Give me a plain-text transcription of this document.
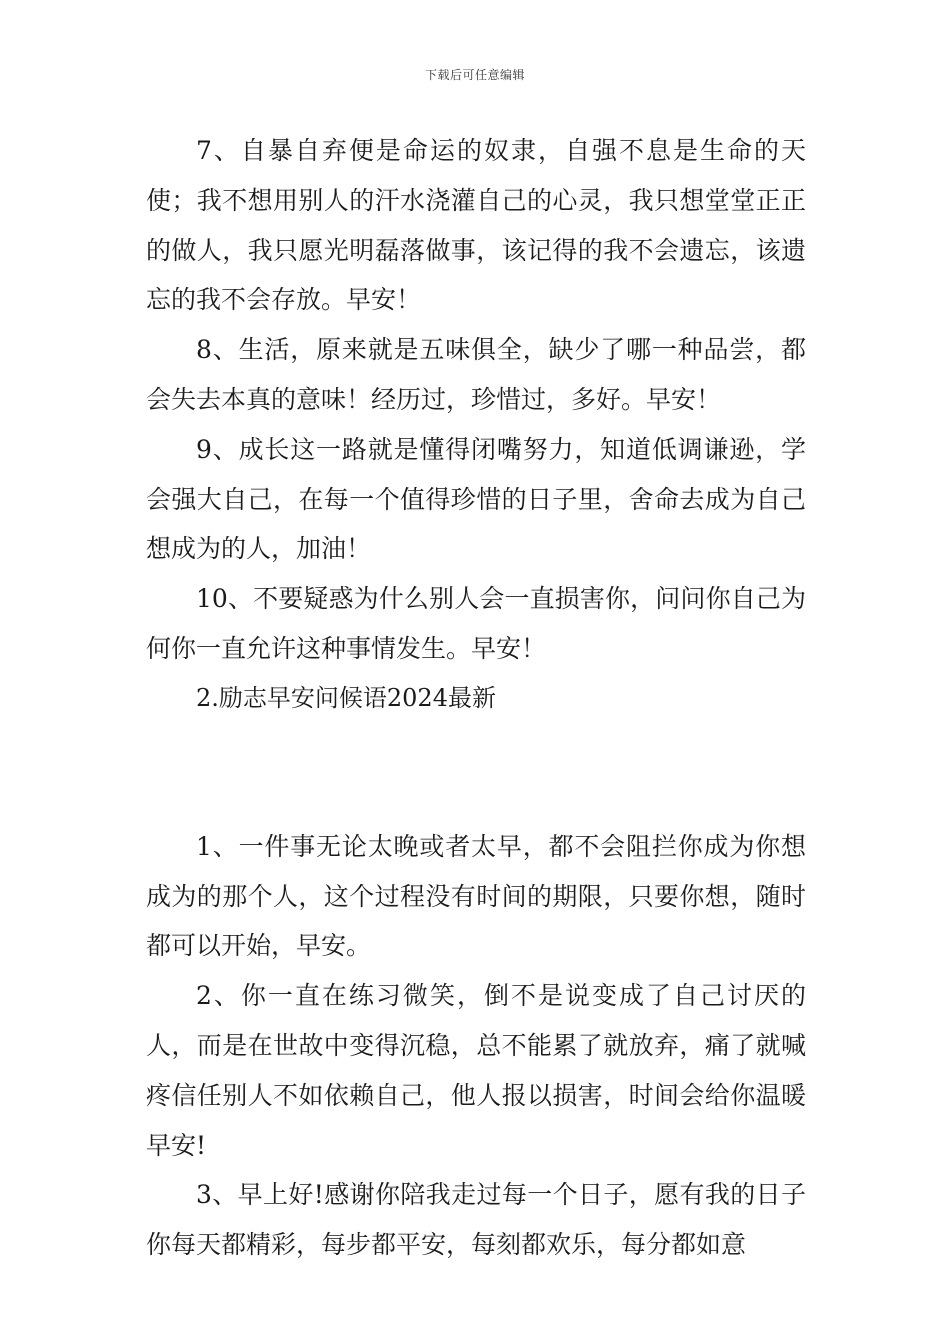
下载后可任意编辑

7、自暴自弃便是命运的奴隶，自强不息是生命的天使；我不想用别人的汗水浇灌自己的心灵，我只想堂堂正正的做人，我只愿光明磊落做事，该记得的我不会遗忘，该遗忘的我不会存放。早安！

8、生活，原来就是五味俱全，缺少了哪一种品尝，都会失去本真的意味！经历过，珍惜过，多好。早安！

9、成长这一路就是懂得闭嘴努力，知道低调谦逊，学会强大自己，在每一个值得珍惜的日子里，舍命去成为自己想成为的人，加油！

10、不要疑惑为什么别人会一直损害你，问问你自己为何你一直允许这种事情发生。早安！

2.励志早安问候语2024最新

1、一件事无论太晚或者太早，都不会阻拦你成为你想成为的那个人，这个过程没有时间的期限，只要你想，随时都可以开始，早安。

2、你一直在练习微笑，倒不是说变成了自己讨厌的人，而是在世故中变得沉稳，总不能累了就放弃，痛了就喊疼信任别人不如依赖自己，他人报以损害，时间会给你温暖早安!

3、早上好!感谢你陪我走过每一个日子，愿有我的日子你每天都精彩，每步都平安，每刻都欢乐，每分都如意
